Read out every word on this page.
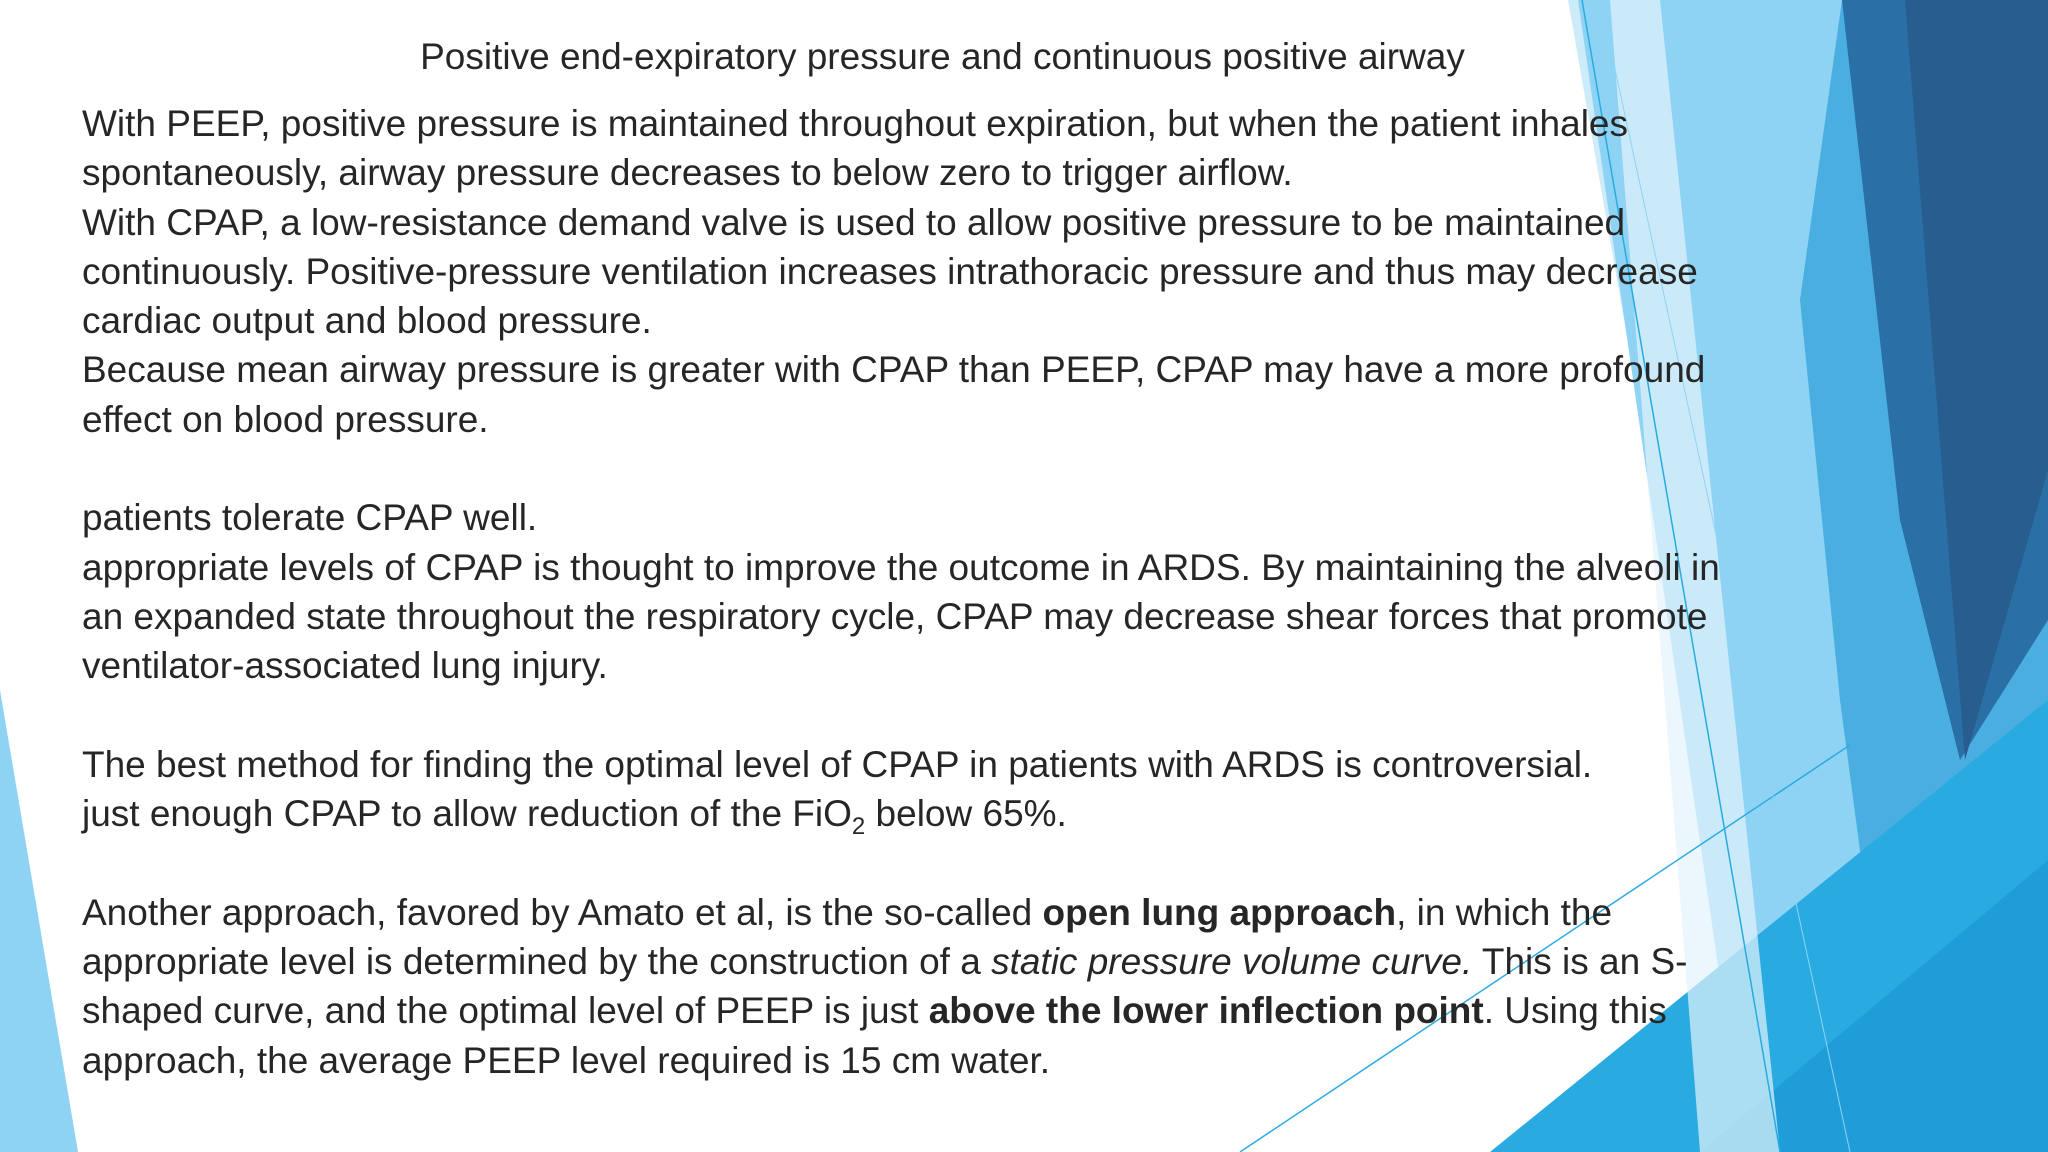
Positive end-expiratory pressure and continuous positive airway

With PEEP, positive pressure is maintained throughout expiration, but when the patient inhales

spontaneously, airway pressure decreases to below zero to trigger airflow.

With CPAP, a low-resistance demand valve is used to allow positive pressure to be maintained

continuously. Positive-pressure ventilation increases intrathoracic pressure and thus may decrease

cardiac output and blood pressure.

Because mean airway pressure is greater with CPAP than PEEP, CPAP may have a more profound

effect on blood pressure.

patients tolerate CPAP well.

appropriate levels of CPAP is thought to improve the outcome in ARDS. By maintaining the alveoli in

an expanded state throughout the respiratory cycle, CPAP may decrease shear forces that promote

ventilator-associated lung injury.

The best method for finding the optimal level of CPAP in patients with ARDS is controversial.

just enough CPAP to allow reduction of the FiO$_2$ below 65%.

Another approach, favored by Amato et al, is the so-called open lung approach, in which the

appropriate level is determined by the construction of a static pressure volume curve. This is an S-

shaped curve, and the optimal level of PEEP is just above the lower inflection point. Using this

approach, the average PEEP level required is 15 cm water.
